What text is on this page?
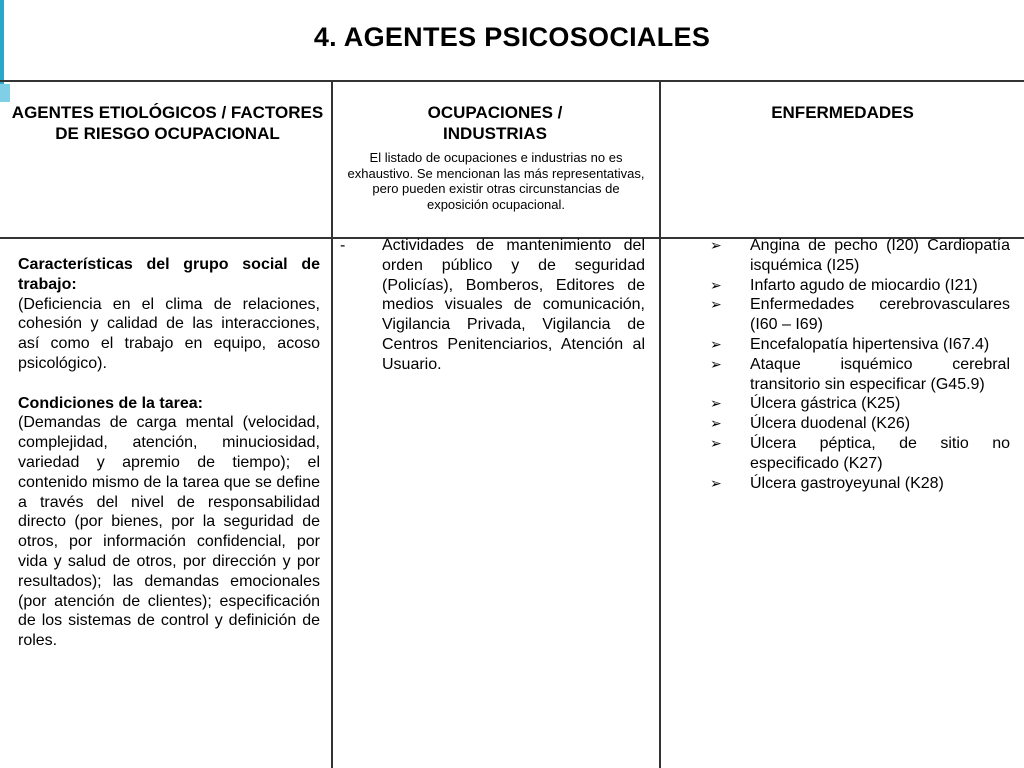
4. AGENTES PSICOSOCIALES
AGENTES ETIOLÓGICOS / FACTORES DE RIESGO OCUPACIONAL
OCUPACIONES / INDUSTRIAS
El listado de ocupaciones e industrias no es exhaustivo. Se mencionan las más representativas, pero pueden existir otras circunstancias de exposición ocupacional.
ENFERMEDADES

Características del grupo social de trabajo:

(Deficiencia en el clima de relaciones, cohesión y calidad de las interacciones, así como el trabajo en equipo, acoso psicológico).

Condiciones de la tarea:

(Demandas de carga mental (velocidad, complejidad, atención, minuciosidad, variedad y apremio de tiempo); el contenido mismo de la tarea que se define a través del nivel de responsabilidad directo (por bienes, por la seguridad de otros, por información confidencial, por vida y salud de otros, por dirección y por resultados); las demandas emocionales (por atención de clientes); especificación de los sistemas de control y definición de roles.

- Actividades de mantenimiento del orden público y de seguridad (Policías), Bomberos, Editores de medios visuales de comunicación, Vigilancia Privada, Vigilancia de Centros Penitenciarios, Atención al Usuario.
➢ Angina de pecho (I20) Cardiopatía isquémica (I25)
➢ Infarto agudo de miocardio (I21)
➢ Enfermedades cerebrovasculares (I60 – I69)
➢ Encefalopatía hipertensiva (I67.4)
➢ Ataque isquémico cerebral transitorio sin especificar (G45.9)
➢ Úlcera gástrica (K25)
➢ Úlcera duodenal (K26)
➢ Úlcera péptica, de sitio no especificado (K27)
➢ Úlcera gastroyeyunal (K28)
